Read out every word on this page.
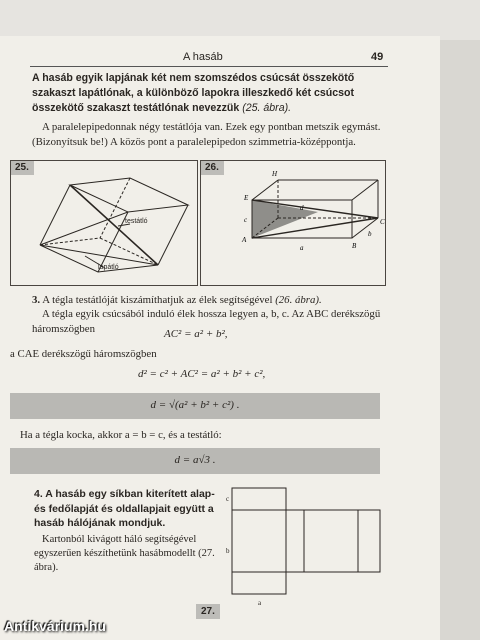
A hasáb	49
A hasáb egyik lapjának két nem szomszédos csúcsát összekötő szakaszt lapátlónak, a különböző lapokra illeszkedő két csúcsot összekötő szakaszt testátlónak nevezzük (25. ábra).
A paralelepipedonnak négy testátlója van. Ezek egy pontban metszik egymást. (Bizonyítsuk be!) A közös pont a paralelepipedon szimmetria-középpontja.
25.
testátló
lapátló
26.
E
H
A
B
C
a
b
c
d
3. A tégla testátlóját kiszámíthatjuk az élek segítségével (26. ábra).
A tégla egyik csúcsából induló élek hossza legyen a, b, c. Az ABC derékszögű háromszögben	AC² = a² + b²,
a CAE derékszögű háromszögben
d² = c² + AC² = a² + b² + c²,
d = √(a² + b² + c²) .
Ha a tégla kocka, akkor a = b = c, és a testátló:
d = a√3 .
4. A hasáb egy síkban kiterített alap- és fedőlapját és oldallapjait együtt a hasáb hálójának mondjuk.
Kartonból kivágott háló segítségével egyszerűen készíthetünk hasábmodellt (27. ábra).
c
b
a
27.
Antikvárium.hu
